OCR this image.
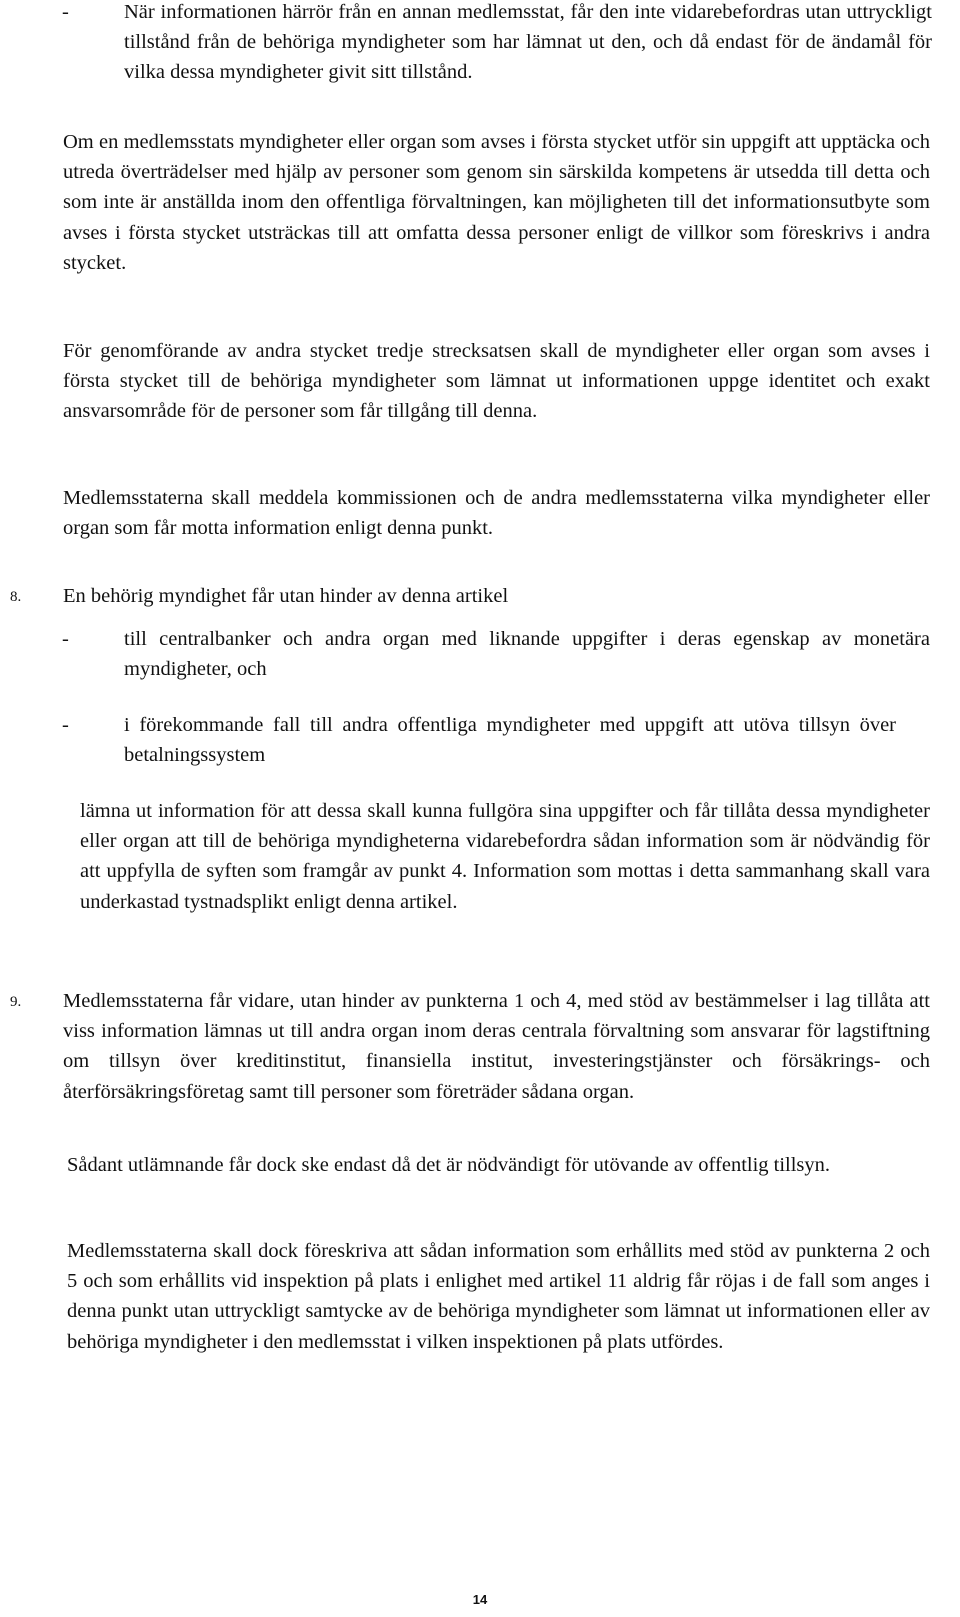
-	När informationen härrör från en annan medlemsstat, får den inte vidarebefordras utan uttryckligt tillstånd från de behöriga myndigheter som har lämnat ut den, och då endast för de ändamål för vilka dessa myndigheter givit sitt tillstånd.

Om en medlemsstats myndigheter eller organ som avses i första stycket utför sin uppgift att upptäcka och utreda överträdelser med hjälp av personer som genom sin särskilda kompetens är utsedda till detta och som inte är anställda inom den offentliga förvaltningen, kan möjligheten till det informationsutbyte som avses i första stycket utsträckas till att omfatta dessa personer enligt de villkor som föreskrivs i andra stycket.

För genomförande av andra stycket tredje strecksatsen skall de myndigheter eller organ som avses i första stycket till de behöriga myndigheter som lämnat ut informationen uppge identitet och exakt ansvarsområde för de personer som får tillgång till denna.

Medlemsstaterna skall meddela kommissionen och de andra medlemsstaterna vilka myndigheter eller organ som får motta information enligt denna punkt.

8. En behörig myndighet får utan hinder av denna artikel

-	till centralbanker och andra organ med liknande uppgifter i deras egenskap av monetära myndigheter, och
-	i förekommande fall till andra offentliga myndigheter med uppgift att utöva tillsyn över betalningssystem

lämna ut information för att dessa skall kunna fullgöra sina uppgifter och får tillåta dessa myndigheter eller organ att till de behöriga myndigheterna vidarebefordra sådan information som är nödvändig för att uppfylla de syften som framgår av punkt 4. Information som mottas i detta sammanhang skall vara underkastad tystnadsplikt enligt denna artikel.

9. Medlemsstaterna får vidare, utan hinder av punkterna 1 och 4, med stöd av bestämmelser i lag tillåta att viss information lämnas ut till andra organ inom deras centrala förvaltning som ansvarar för lagstiftning om tillsyn över kreditinstitut, finansiella institut, investeringstjänster och försäkrings- och återförsäkringsföretag samt till personer som företräder sådana organ.

Sådant utlämnande får dock ske endast då det är nödvändigt för utövande av offentlig tillsyn.

Medlemsstaterna skall dock föreskriva att sådan information som erhållits med stöd av punkterna 2 och 5 och som erhållits vid inspektion på plats i enlighet med artikel 11 aldrig får röjas i de fall som anges i denna punkt utan uttryckligt samtycke av de behöriga myndigheter som lämnat ut informationen eller av behöriga myndigheter i den medlemsstat i vilken inspektionen på plats utfördes.

14
